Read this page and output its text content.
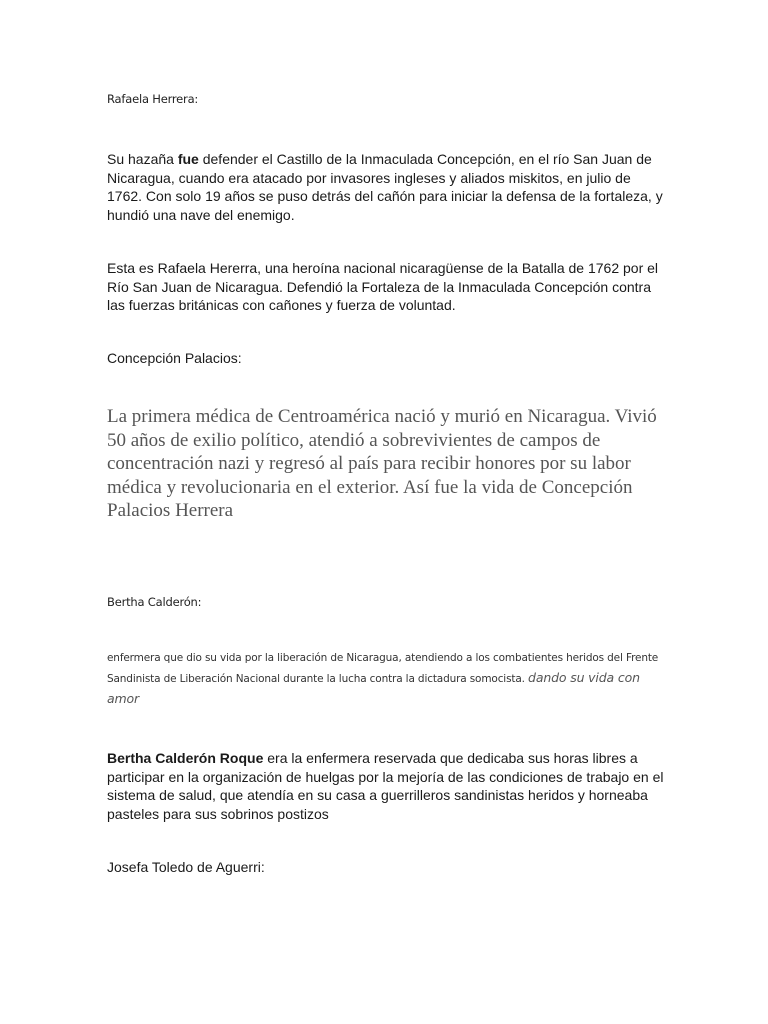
Rafaela Herrera:

Su hazaña fue defender el Castillo de la Inmaculada Concepción, en el río San Juan de Nicaragua, cuando era atacado por invasores ingleses y aliados miskitos, en julio de 1762. Con solo 19 años se puso detrás del cañón para iniciar la defensa de la fortaleza, y hundió una nave del enemigo.

Esta es Rafaela Hererra, una heroína nacional nicaragüense de la Batalla de 1762 por el Río San Juan de Nicaragua. Defendió la Fortaleza de la Inmaculada Concepción contra las fuerzas británicas con cañones y fuerza de voluntad.

Concepción Palacios:

La primera médica de Centroamérica nació y murió en Nicaragua. Vivió 50 años de exilio político, atendió a sobrevivientes de campos de concentración nazi y regresó al país para recibir honores por su labor médica y revolucionaria en el exterior. Así fue la vida de Concepción Palacios Herrera

Bertha Calderón:

enfermera que dio su vida por la liberación de Nicaragua, atendiendo a los combatientes heridos del Frente Sandinista de Liberación Nacional durante la lucha contra la dictadura somocista. dando su vida con amor

Bertha Calderón Roque era la enfermera reservada que dedicaba sus horas libres a participar en la organización de huelgas por la mejoría de las condiciones de trabajo en el sistema de salud, que atendía en su casa a guerrilleros sandinistas heridos y horneaba pasteles para sus sobrinos postizos

Josefa Toledo de Aguerri:
